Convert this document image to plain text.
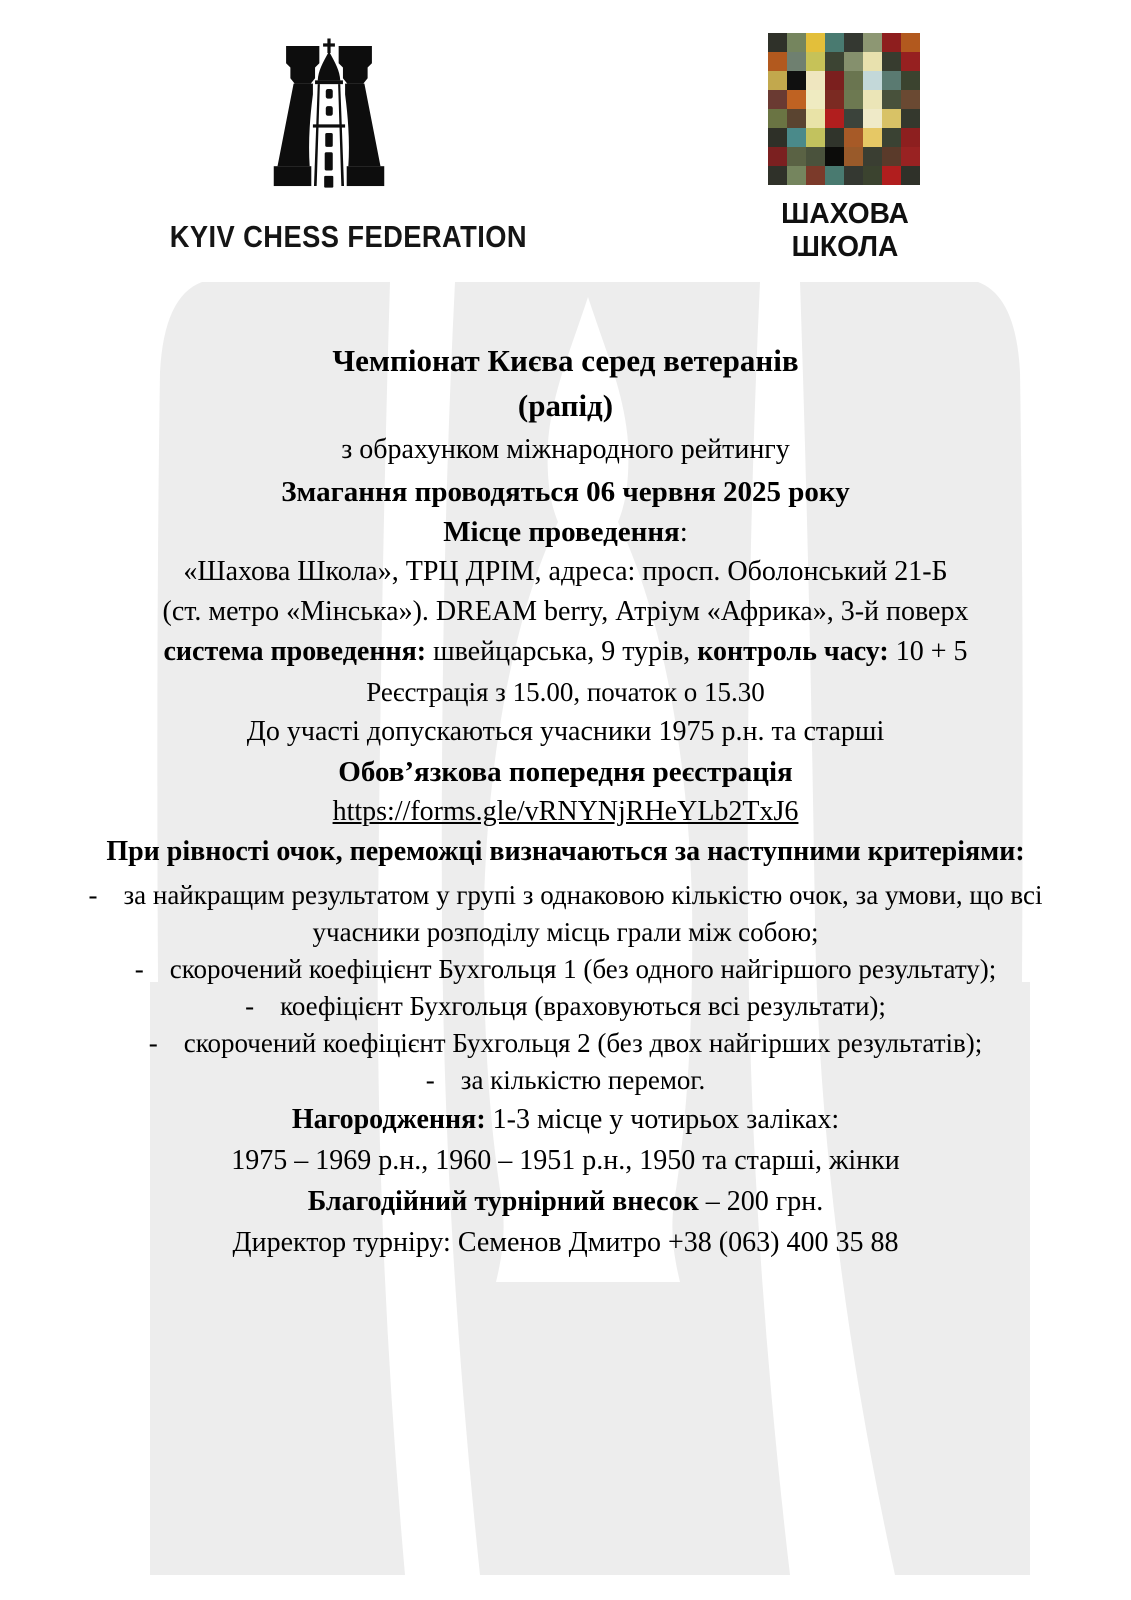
KYIV CHESS FEDERATION
ШАХОВА
ШКОЛА

Чемпіонат Києва серед ветеранів

(рапід)

з обрахунком міжнародного рейтингу

Змагання проводяться 06 червня 2025 року

Місце проведення:

«Шахова Школа», ТРЦ ДРІМ, адреса: просп. Оболонський 21-Б

(ст. метро «Мінська»). DREAM berry, Атріум «Африка», 3-й поверх

система проведення: швейцарська, 9 турів, контроль часу: 10 + 5

Реєстрація з 15.00, початок о 15.30

До участі допускаються учасники 1975 р.н. та старші

Обов’язкова попередня реєстрація

https://forms.gle/vRNYNjRHeYLb2TxJ6

При рівності очок, переможці визначаються за наступними критеріями:

- за найкращим результатом у групі з однаковою кількістю очок, за умови, що всі учасники розподілу місць грали між собою;

- скорочений коефіцієнт Бухгольця 1 (без одного найгіршого результату);

- коефіцієнт Бухгольця (враховуються всі результати);

- скорочений коефіцієнт Бухгольця 2 (без двох найгірших результатів);

- за кількістю перемог.

Нагородження: 1-3 місце у чотирьох заліках:

1975 – 1969 р.н., 1960 – 1951 р.н., 1950 та старші, жінки

Благодійний турнірний внесок – 200 грн.

Директор турніру: Семенов Дмитро +38 (063) 400 35 88
